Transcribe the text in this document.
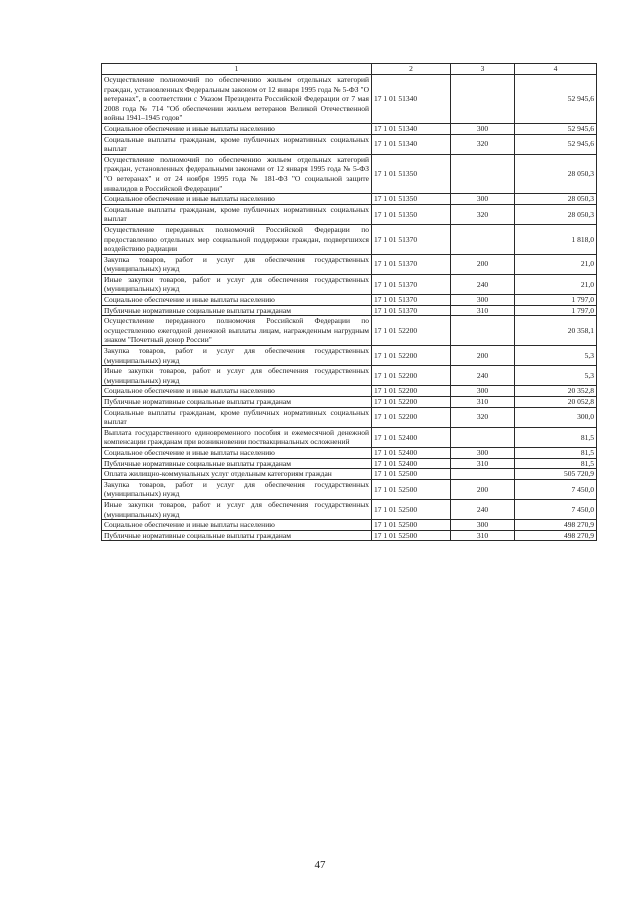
1	2	3	4
Осуществление полномочий по обеспечению жильем отдельных категорий граждан, установленных Федеральным законом от 12 января 1995 года № 5-ФЗ "О ветеранах", в соответствии с Указом Президента Российской Федерации от 7 мая 2008 года № 714 "Об обеспечении жильем ветеранов Великой Отечественной войны 1941–1945 годов"	17 1 01 51340		52 945,6
Социальное обеспечение и иные выплаты населению	17 1 01 51340	300	52 945,6
Социальные выплаты гражданам, кроме публичных нормативных социальных выплат	17 1 01 51340	320	52 945,6
Осуществление полномочий по обеспечению жильем отдельных категорий граждан, установленных федеральными законами от 12 января 1995 года № 5-ФЗ "О ветеранах" и от 24 ноября 1995 года № 181-ФЗ "О социальной защите инвалидов в Российской Федерации"	17 1 01 51350		28 050,3
Социальное обеспечение и иные выплаты населению	17 1 01 51350	300	28 050,3
Социальные выплаты гражданам, кроме публичных нормативных социальных выплат	17 1 01 51350	320	28 050,3
Осуществление переданных полномочий Российской Федерации по предоставлению отдельных мер социальной поддержки граждан, подвергшихся воздействию радиации	17 1 01 51370		1 818,0
Закупка товаров, работ и услуг для обеспечения государственных (муниципальных) нужд	17 1 01 51370	200	21,0
Иные закупки товаров, работ и услуг для обеспечения государственных (муниципальных) нужд	17 1 01 51370	240	21,0
Социальное обеспечение и иные выплаты населению	17 1 01 51370	300	1 797,0
Публичные нормативные социальные выплаты гражданам	17 1 01 51370	310	1 797,0
Осуществление переданного полномочия Российской Федерации по осуществлению ежегодной денежной выплаты лицам, награжденным нагрудным знаком "Почетный донор России"	17 1 01 52200		20 358,1
Закупка товаров, работ и услуг для обеспечения государственных (муниципальных) нужд	17 1 01 52200	200	5,3
Иные закупки товаров, работ и услуг для обеспечения государственных (муниципальных) нужд	17 1 01 52200	240	5,3
Социальное обеспечение и иные выплаты населению	17 1 01 52200	300	20 352,8
Публичные нормативные социальные выплаты гражданам	17 1 01 52200	310	20 052,8
Социальные выплаты гражданам, кроме публичных нормативных социальных выплат	17 1 01 52200	320	300,0
Выплата государственного единовременного пособия и ежемесячной денежной компенсации гражданам при возникновении поствакцинальных осложнений	17 1 01 52400		81,5
Социальное обеспечение и иные выплаты населению	17 1 01 52400	300	81,5
Публичные нормативные социальные выплаты гражданам	17 1 01 52400	310	81,5
Оплата жилищно-коммунальных услуг отдельным категориям граждан	17 1 01 52500		505 720,9
Закупка товаров, работ и услуг для обеспечения государственных (муниципальных) нужд	17 1 01 52500	200	7 450,0
Иные закупки товаров, работ и услуг для обеспечения государственных (муниципальных) нужд	17 1 01 52500	240	7 450,0
Социальное обеспечение и иные выплаты населению	17 1 01 52500	300	498 270,9
Публичные нормативные социальные выплаты гражданам	17 1 01 52500	310	498 270,9
47
